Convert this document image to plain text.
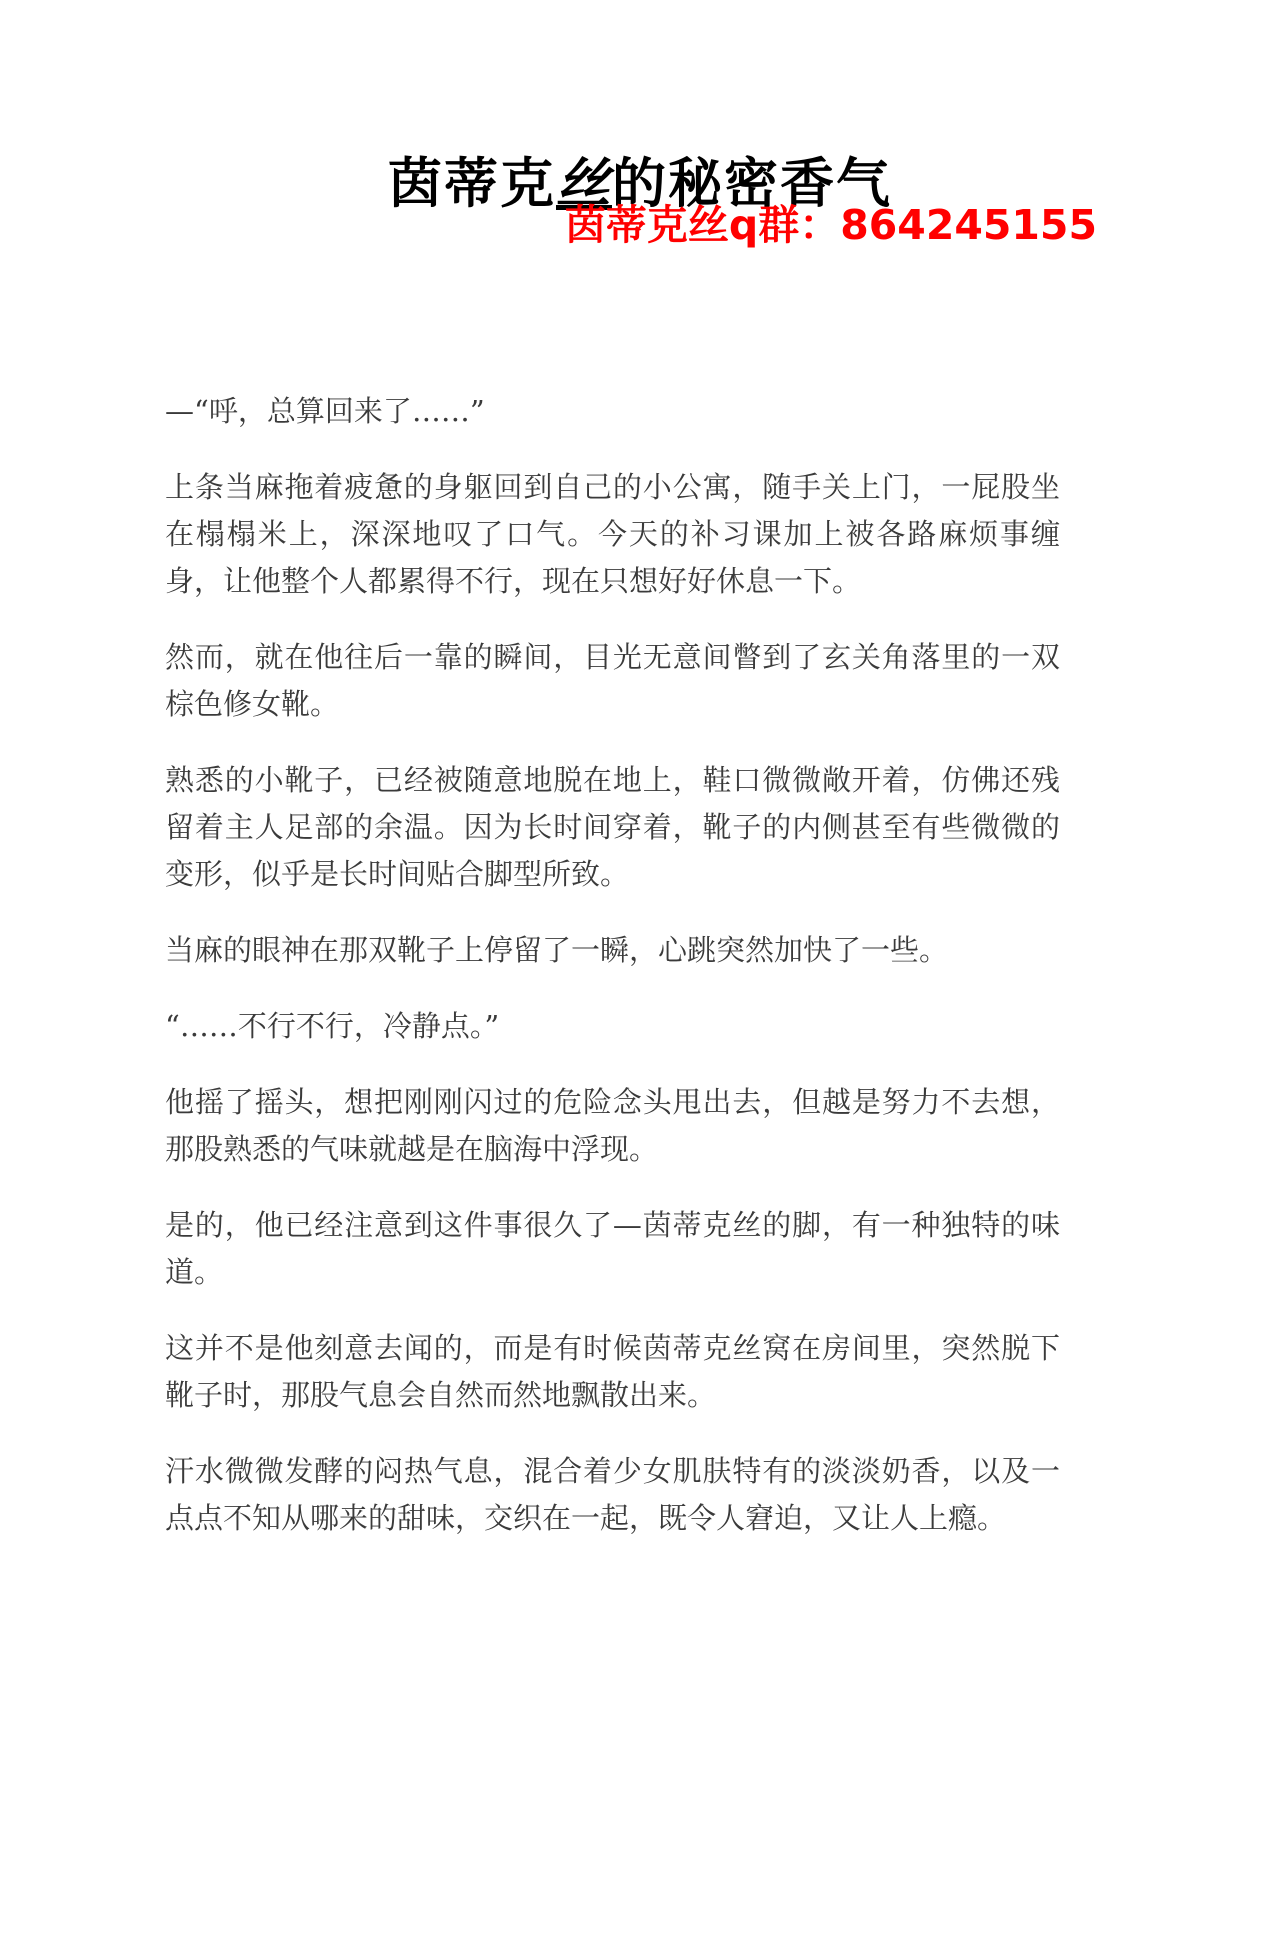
茵蒂克丝q群：864245155
茵蒂克丝的秘密香气

—“呼，总算回来了……”

上条当麻拖着疲惫的身躯回到自己的小公寓，随手关上门，一屁股坐在榻榻米上，深深地叹了口气。今天的补习课加上被各路麻烦事缠身，让他整个人都累得不行，现在只想好好休息一下。

然而，就在他往后一靠的瞬间，目光无意间瞥到了玄关角落里的一双棕色修女靴。

熟悉的小靴子，已经被随意地脱在地上，鞋口微微敞开着，仿佛还残留着主人足部的余温。因为长时间穿着，靴子的内侧甚至有些微微的变形，似乎是长时间贴合脚型所致。

当麻的眼神在那双靴子上停留了一瞬，心跳突然加快了一些。

“……不行不行，冷静点。”

他摇了摇头，想把刚刚闪过的危险念头甩出去，但越是努力不去想，那股熟悉的气味就越是在脑海中浮现。

是的，他已经注意到这件事很久了—茵蒂克丝的脚，有一种独特的味道。

这并不是他刻意去闻的，而是有时候茵蒂克丝窝在房间里，突然脱下靴子时，那股气息会自然而然地飘散出来。

汗水微微发酵的闷热气息，混合着少女肌肤特有的淡淡奶香，以及一点点不知从哪来的甜味，交织在一起，既令人窘迫，又让人上瘾。
